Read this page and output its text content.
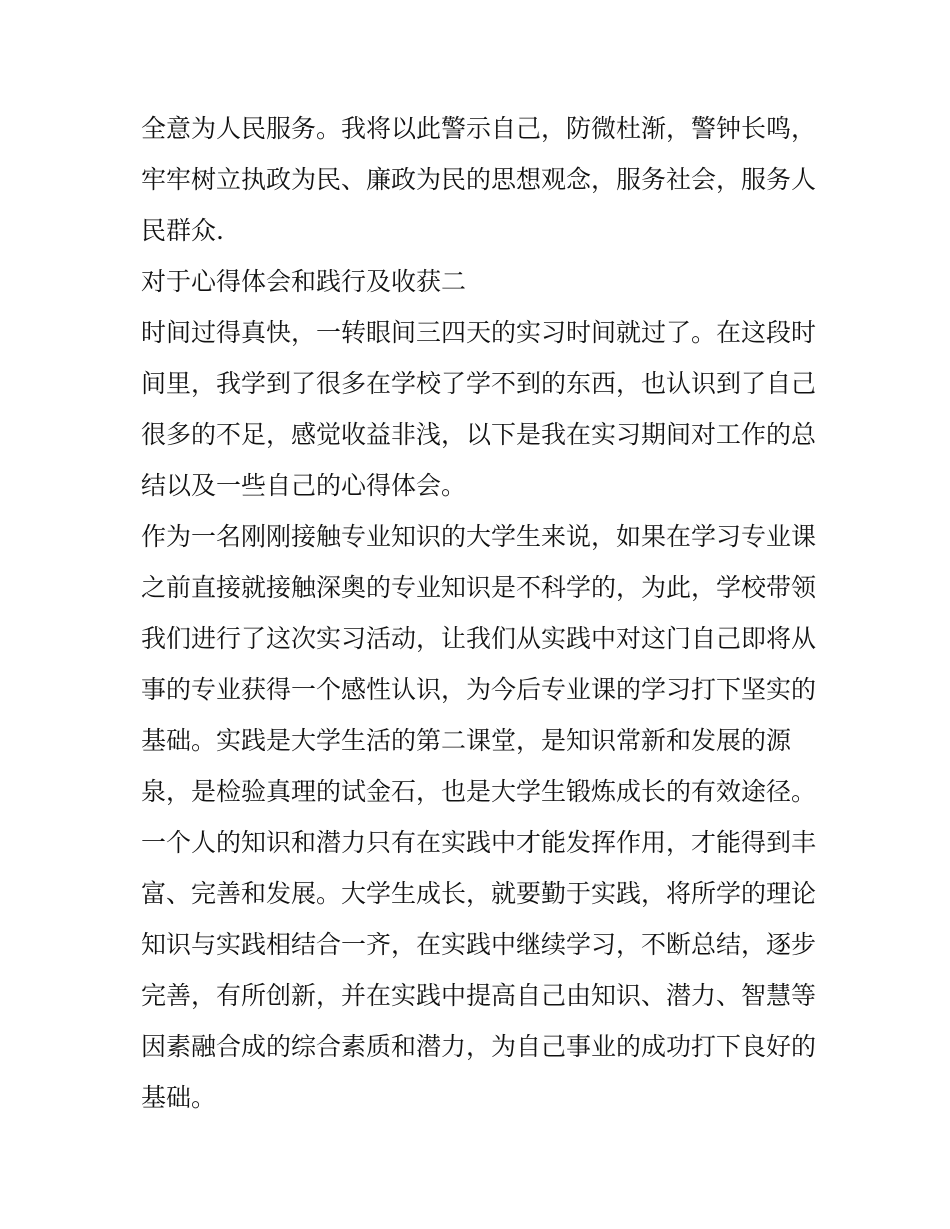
全意为人民服务。我将以此警示自己，防微杜渐，警钟长鸣，

牢牢树立执政为民、廉政为民的思想观念，服务社会，服务人

民群众.

对于心得体会和践行及收获二

时间过得真快，一转眼间三四天的实习时间就过了。在这段时

间里，我学到了很多在学校了学不到的东西，也认识到了自己

很多的不足，感觉收益非浅，以下是我在实习期间对工作的总

结以及一些自己的心得体会。

作为一名刚刚接触专业知识的大学生来说，如果在学习专业课

之前直接就接触深奥的专业知识是不科学的，为此，学校带领

我们进行了这次实习活动，让我们从实践中对这门自己即将从

事的专业获得一个感性认识，为今后专业课的学习打下坚实的

基础。实践是大学生活的第二课堂，是知识常新和发展的源

泉，是检验真理的试金石，也是大学生锻炼成长的有效途径。

一个人的知识和潜力只有在实践中才能发挥作用，才能得到丰

富、完善和发展。大学生成长，就要勤于实践，将所学的理论

知识与实践相结合一齐，在实践中继续学习，不断总结，逐步

完善，有所创新，并在实践中提高自己由知识、潜力、智慧等

因素融合成的综合素质和潜力，为自己事业的成功打下良好的

基础。
